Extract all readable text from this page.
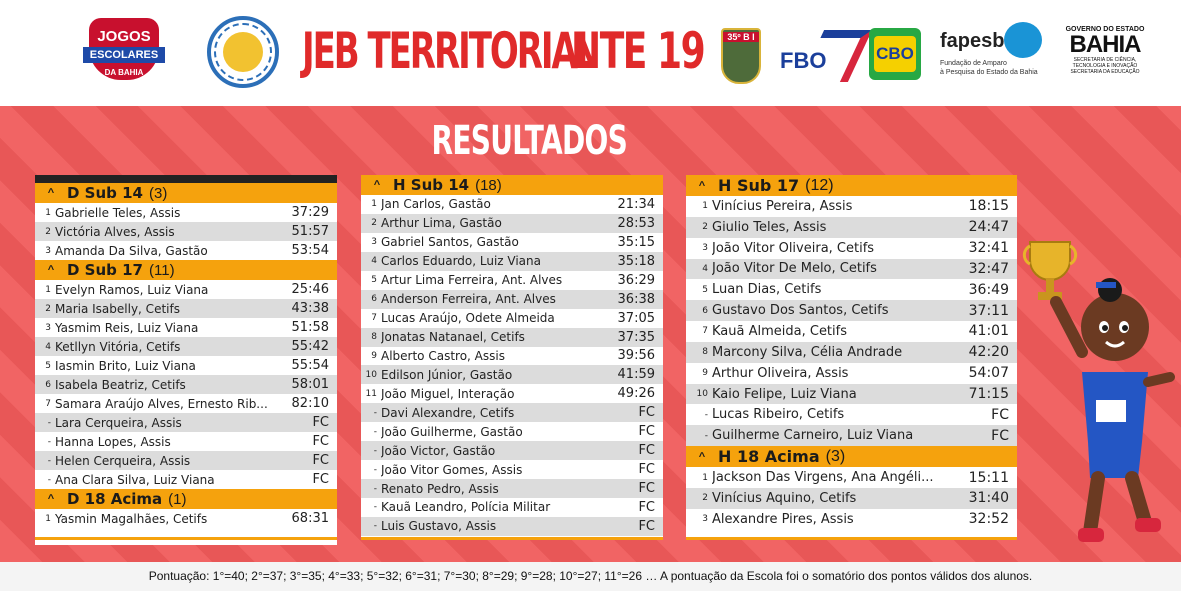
JOGOS
ESCOLARES
DA BAHIA	JEB TERRITORIAL
NTE 19	35º B I
FBO	CBO
fapesb
Fundação de Amparo
à Pesquisa do Estado da Bahia
GOVERNO DO ESTADO
BAHIA
SECRETARIA DE CIÊNCIA,
TECNOLOGIA E INOVAÇÃO
SECRETARIA DA EDUCAÇÃO
RESULTADOS
^ D Sub 14 (3)
1 Gabrielle Teles, Assis	37:29
2 Victória Alves, Assis	51:57
3 Amanda Da Silva, Gastão	53:54
^ D Sub 17 (11)
1 Evelyn Ramos, Luiz Viana	25:46
2 Maria Isabelly, Cetifs	43:38
3 Yasmim Reis, Luiz Viana	51:58
4 Ketllyn Vitória, Cetifs	55:42
5 Iasmin Brito, Luiz Viana	55:54
6 Isabela Beatriz, Cetifs	58:01
7 Samara Araújo Alves, Ernesto Rib...	82:10
- Lara Cerqueira, Assis	FC
- Hanna Lopes, Assis	FC
- Helen Cerqueira, Assis	FC
- Ana Clara Silva, Luiz Viana	FC
^ D 18 Acima (1)
1 Yasmin Magalhães, Cetifs	68:31
^ H Sub 14 (18)
1 Jan Carlos, Gastão	21:34
2 Arthur Lima, Gastão	28:53
3 Gabriel Santos, Gastão	35:15
4 Carlos Eduardo, Luiz Viana	35:18
5 Artur Lima Ferreira, Ant. Alves	36:29
6 Anderson Ferreira, Ant. Alves	36:38
7 Lucas Araújo, Odete Almeida	37:05
8 Jonatas Natanael, Cetifs	37:35
9 Alberto Castro, Assis	39:56
10 Edilson Júnior, Gastão	41:59
11 João Miguel, Interação	49:26
- Davi Alexandre, Cetifs	FC
- João Guilherme, Gastão	FC
- João Victor, Gastão	FC
- João Vitor Gomes, Assis	FC
- Renato Pedro, Assis	FC
- Kauã Leandro, Polícia Militar	FC
- Luis Gustavo, Assis	FC
^ H Sub 17 (12)
1 Vinícius Pereira, Assis	18:15
2 Giulio Teles, Assis	24:47
3 João Vitor Oliveira, Cetifs	32:41
4 João Vitor De Melo, Cetifs	32:47
5 Luan Dias, Cetifs	36:49
6 Gustavo Dos Santos, Cetifs	37:11
7 Kauã Almeida, Cetifs	41:01
8 Marcony Silva, Célia Andrade	42:20
9 Arthur Oliveira, Assis	54:07
10 Kaio Felipe, Luiz Viana	71:15
- Lucas Ribeiro, Cetifs	FC
- Guilherme Carneiro, Luiz Viana	FC
^ H 18 Acima (3)
1 Jackson Das Virgens, Ana Angéli...	15:11
2 Vinícius Aquino, Cetifs	31:40
3 Alexandre Pires, Assis	32:52
Pontuação: 1°=40; 2°=37; 3°=35; 4°=33; 5°=32; 6°=31; 7°=30; 8°=29; 9°=28; 10°=27; 11°=26 … A pontuação da Escola foi o somatório dos pontos válidos dos alunos.
